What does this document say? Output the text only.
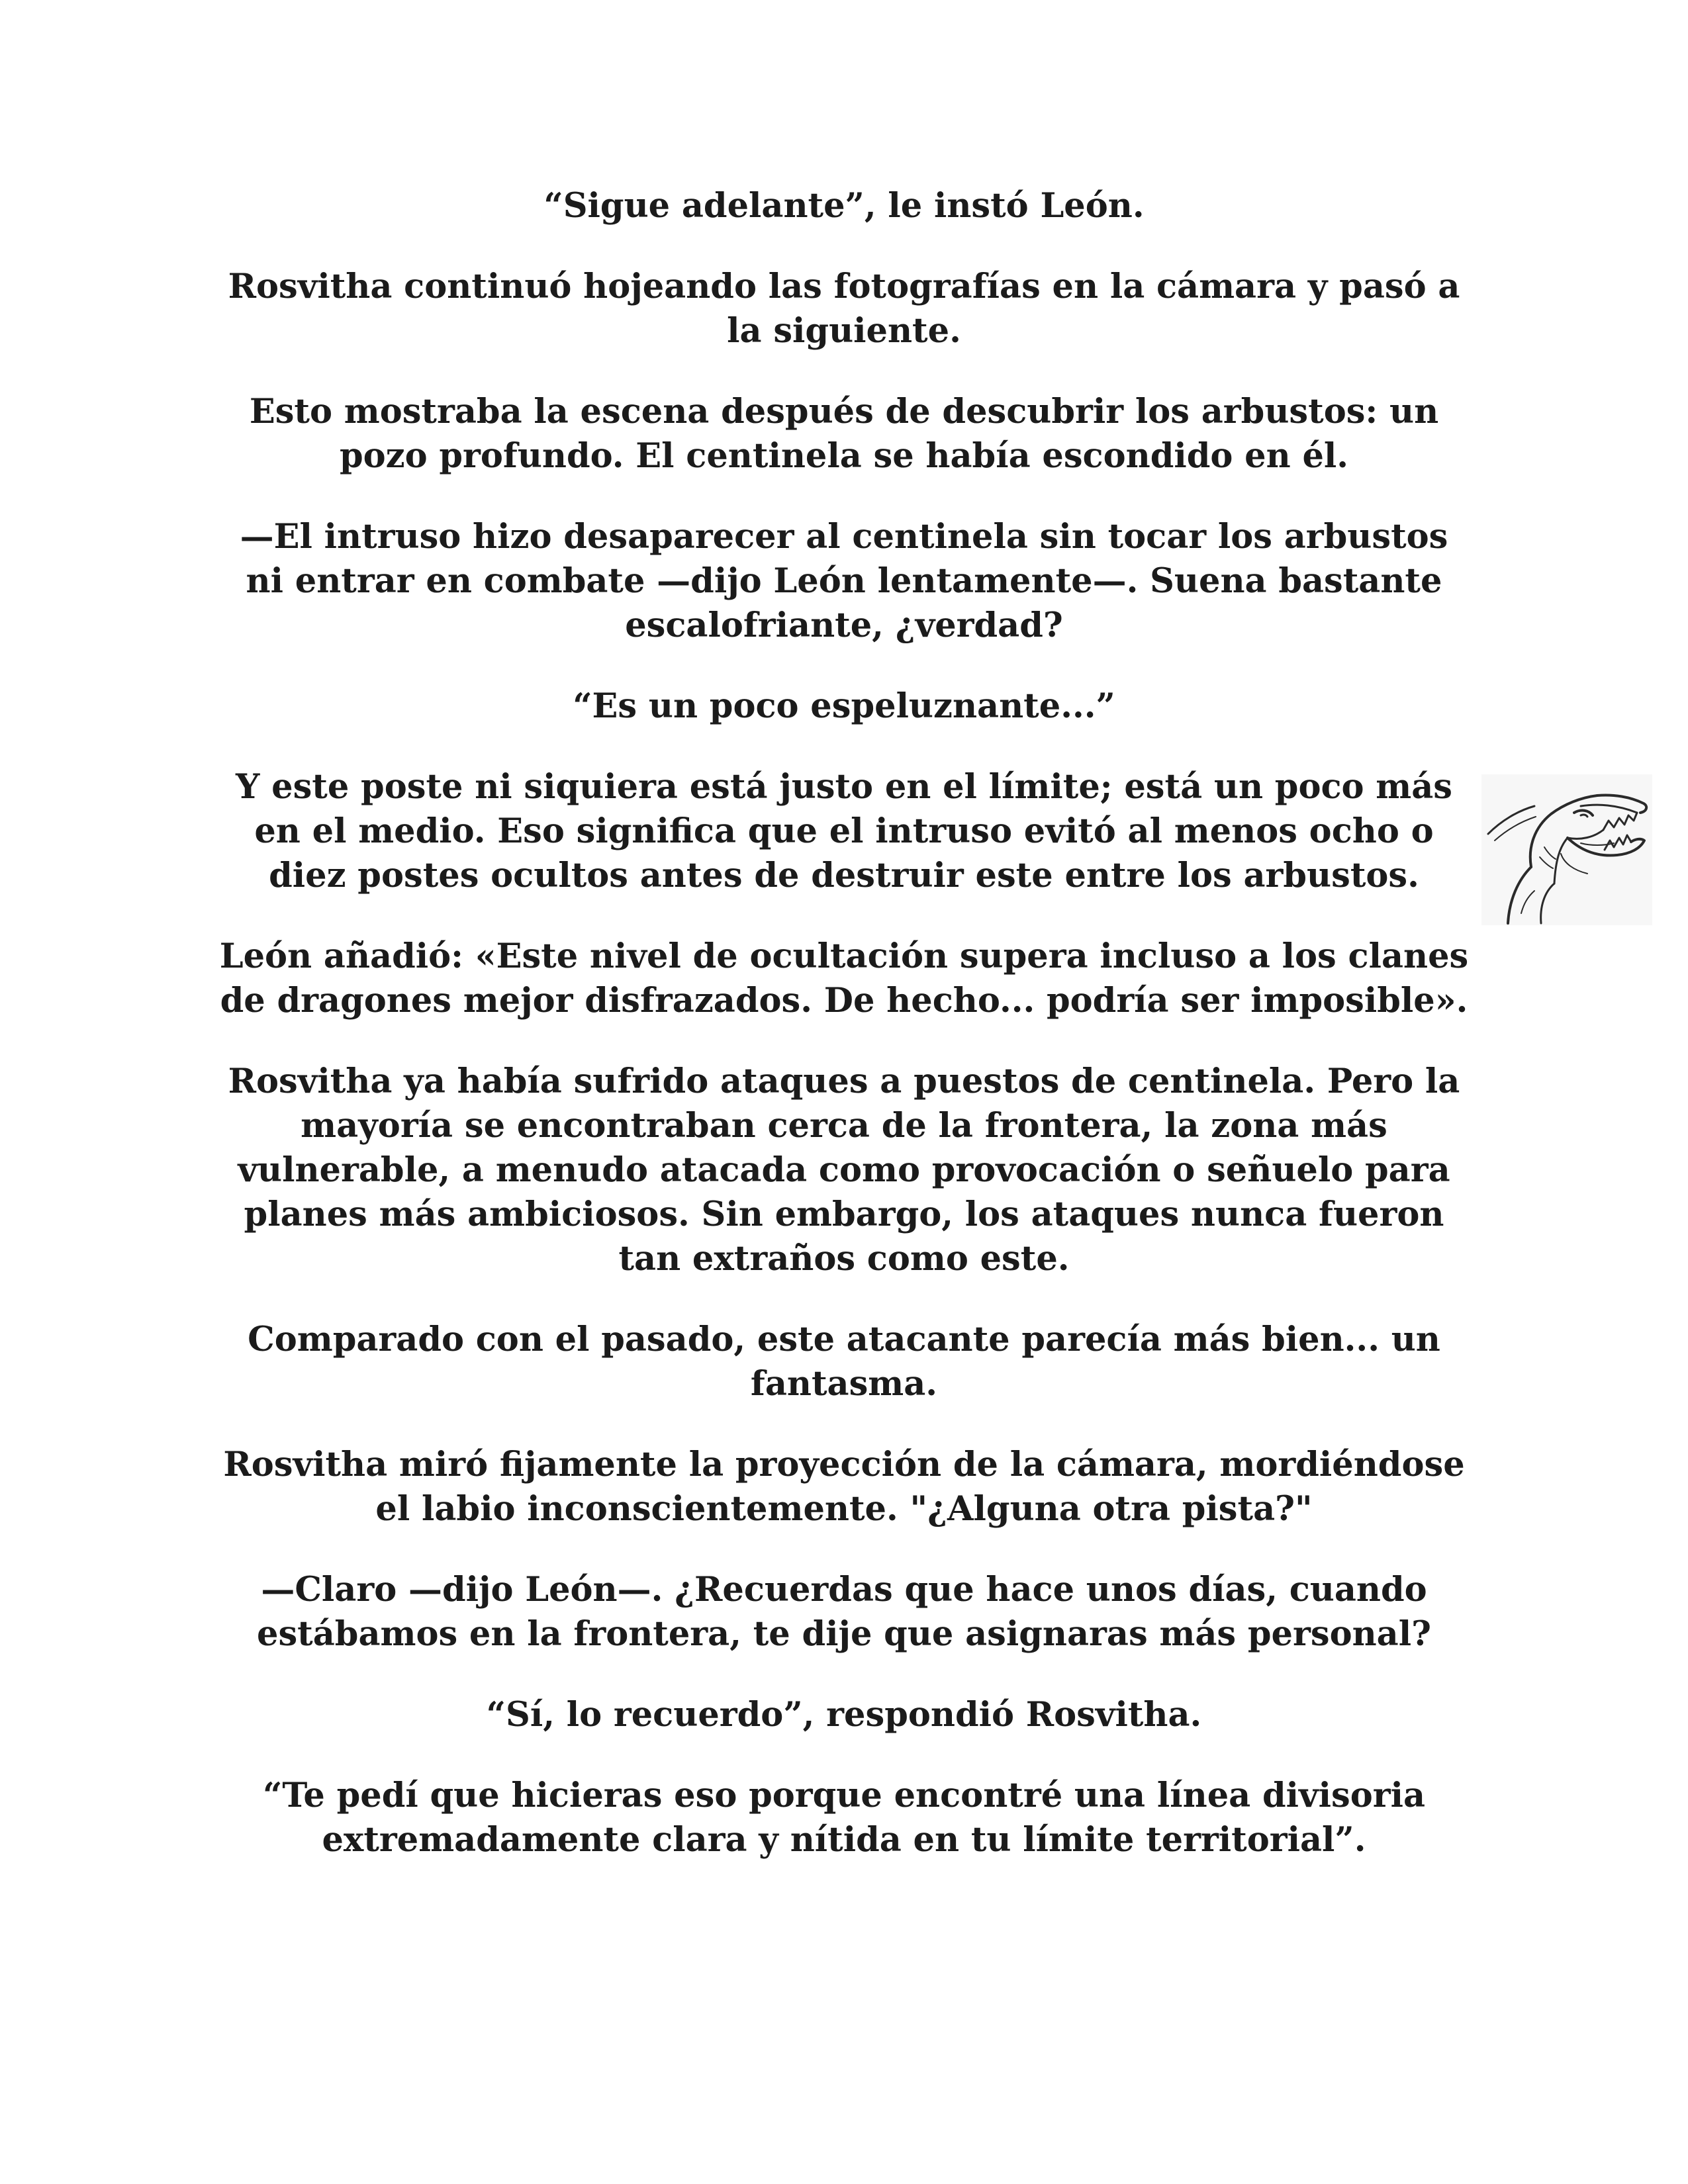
“Sigue adelante”, le instó León.

Rosvitha continuó hojeando las fotografías en la cámara y pasó a la siguiente.

Esto mostraba la escena después de descubrir los arbustos: un pozo profundo. El centinela se había escondido en él.

—El intruso hizo desaparecer al centinela sin tocar los arbustos ni entrar en combate —dijo León lentamente—. Suena bastante escalofriante, ¿verdad?

“Es un poco espeluznante...”

Y este poste ni siquiera está justo en el límite; está un poco más en el medio. Eso significa que el intruso evitó al menos ocho o diez postes ocultos antes de destruir este entre los arbustos.

León añadió: «Este nivel de ocultación supera incluso a los clanes de dragones mejor disfrazados. De hecho... podría ser imposible».

Rosvitha ya había sufrido ataques a puestos de centinela. Pero la mayoría se encontraban cerca de la frontera, la zona más vulnerable, a menudo atacada como provocación o señuelo para planes más ambiciosos. Sin embargo, los ataques nunca fueron tan extraños como este.

Comparado con el pasado, este atacante parecía más bien... un fantasma.

Rosvitha miró fijamente la proyección de la cámara, mordiéndose el labio inconscientemente. "¿Alguna otra pista?"

—Claro —dijo León—. ¿Recuerdas que hace unos días, cuando estábamos en la frontera, te dije que asignaras más personal?

“Sí, lo recuerdo”, respondió Rosvitha.

“Te pedí que hicieras eso porque encontré una línea divisoria extremadamente clara y nítida en tu límite territorial”.
